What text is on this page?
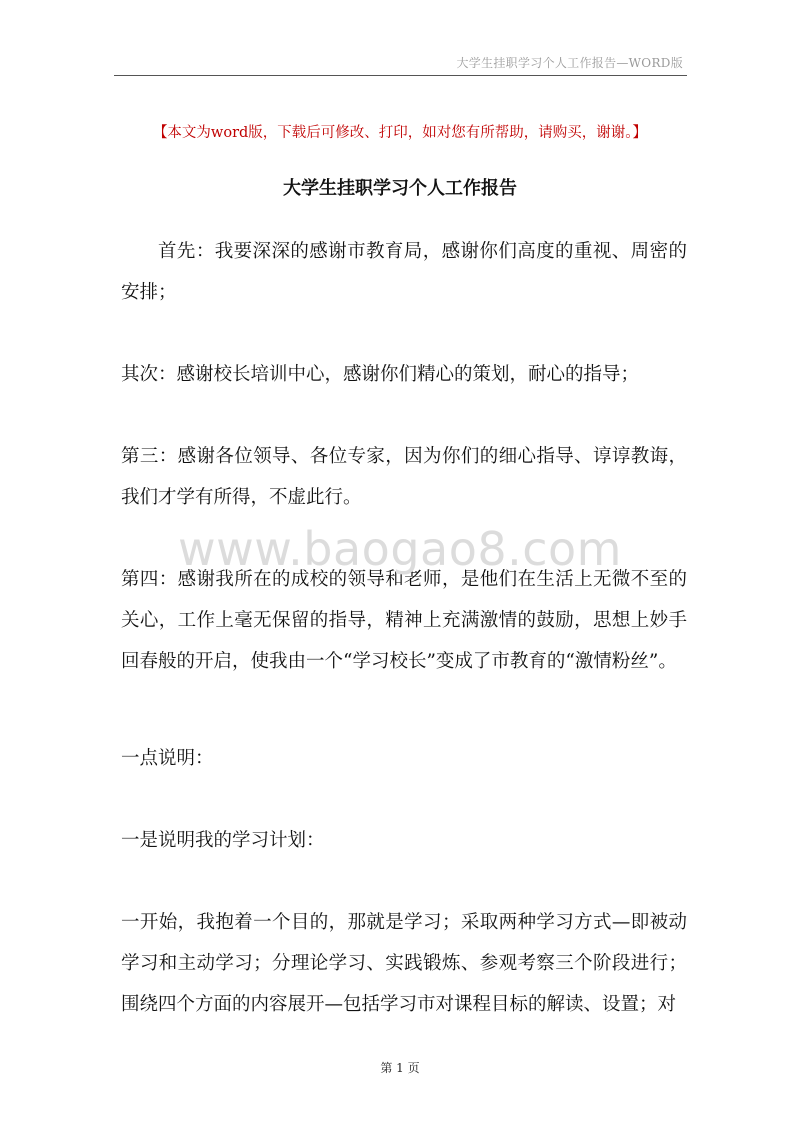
大学生挂职学习个人工作报告—WORD版
【本文为word版，下载后可修改、打印，如对您有所帮助，请购买，谢谢。】
大学生挂职学习个人工作报告

首先：我要深深的感谢市教育局，感谢你们高度的重视、周密的安排；

其次：感谢校长培训中心，感谢你们精心的策划，耐心的指导；

第三：感谢各位领导、各位专家，因为你们的细心指导、谆谆教诲，我们才学有所得，不虚此行。

第四：感谢我所在的成校的领导和老师，是他们在生活上无微不至的关心，工作上毫无保留的指导，精神上充满激情的鼓励，思想上妙手回春般的开启，使我由一个“学习校长”变成了市教育的“激情粉丝”。

一点说明：

一是说明我的学习计划：

一开始，我抱着一个目的，那就是学习；采取两种学习方式—即被动学习和主动学习；分理论学习、实践锻炼、参观考察三个阶段进行；围绕四个方面的内容展开—包括学习市对课程目标的解读、设置；对

www.baogao8.com
第 1 页
